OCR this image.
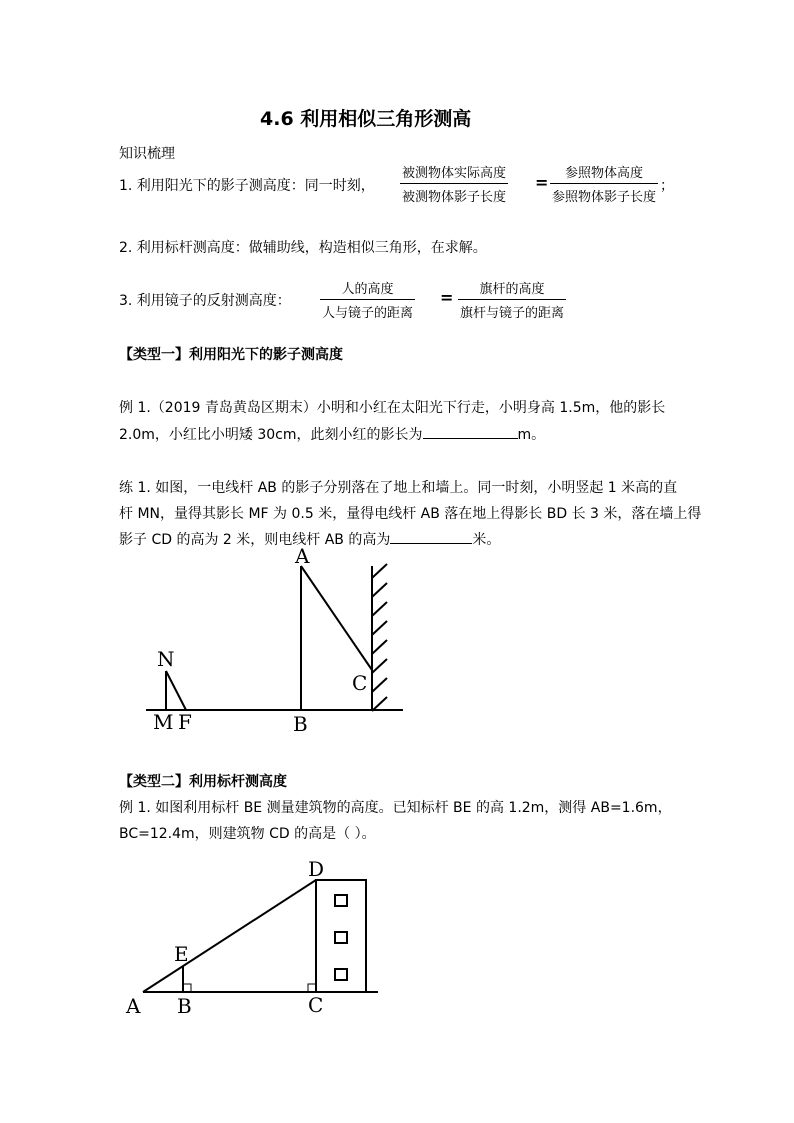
4.6 利用相似三角形测高
知识梳理
1. 利用阳光下的影子测高度：同一时刻，
被测物体实际高度
被测物体影子长度
= 参照物体高度
参照物体影子长度
；
2. 利用标杆测高度：做辅助线，构造相似三角形，在求解。
3. 利用镜子的反射测高度：
人的高度
人与镜子的距离
= 旗杆的高度
旗杆与镜子的距离
【类型一】利用阳光下的影子测高度
例 1.（2019 青岛黄岛区期末）小明和小红在太阳光下行走，小明身高 1.5m，他的影长
2.0m，小红比小明矮 30cm，此刻小红的影长为	m。
练 1. 如图，一电线杆 AB 的影子分别落在了地上和墙上。同一时刻，小明竖起 1 米高的直
杆 MN，量得其影长 MF 为 0.5 米，量得电线杆 AB 落在地上得影长 BD 长 3 米，落在墙上得
影子 CD 的高为 2 米，则电线杆 AB 的高为	米。
A
N
C
M F	B
【类型二】利用标杆测高度
例 1. 如图利用标杆 BE 测量建筑物的高度。已知标杆 BE 的高 1.2m，测得 AB=1.6m，
BC=12.4m，则建筑物 CD 的高是（ ）。
D
E
A B	C
